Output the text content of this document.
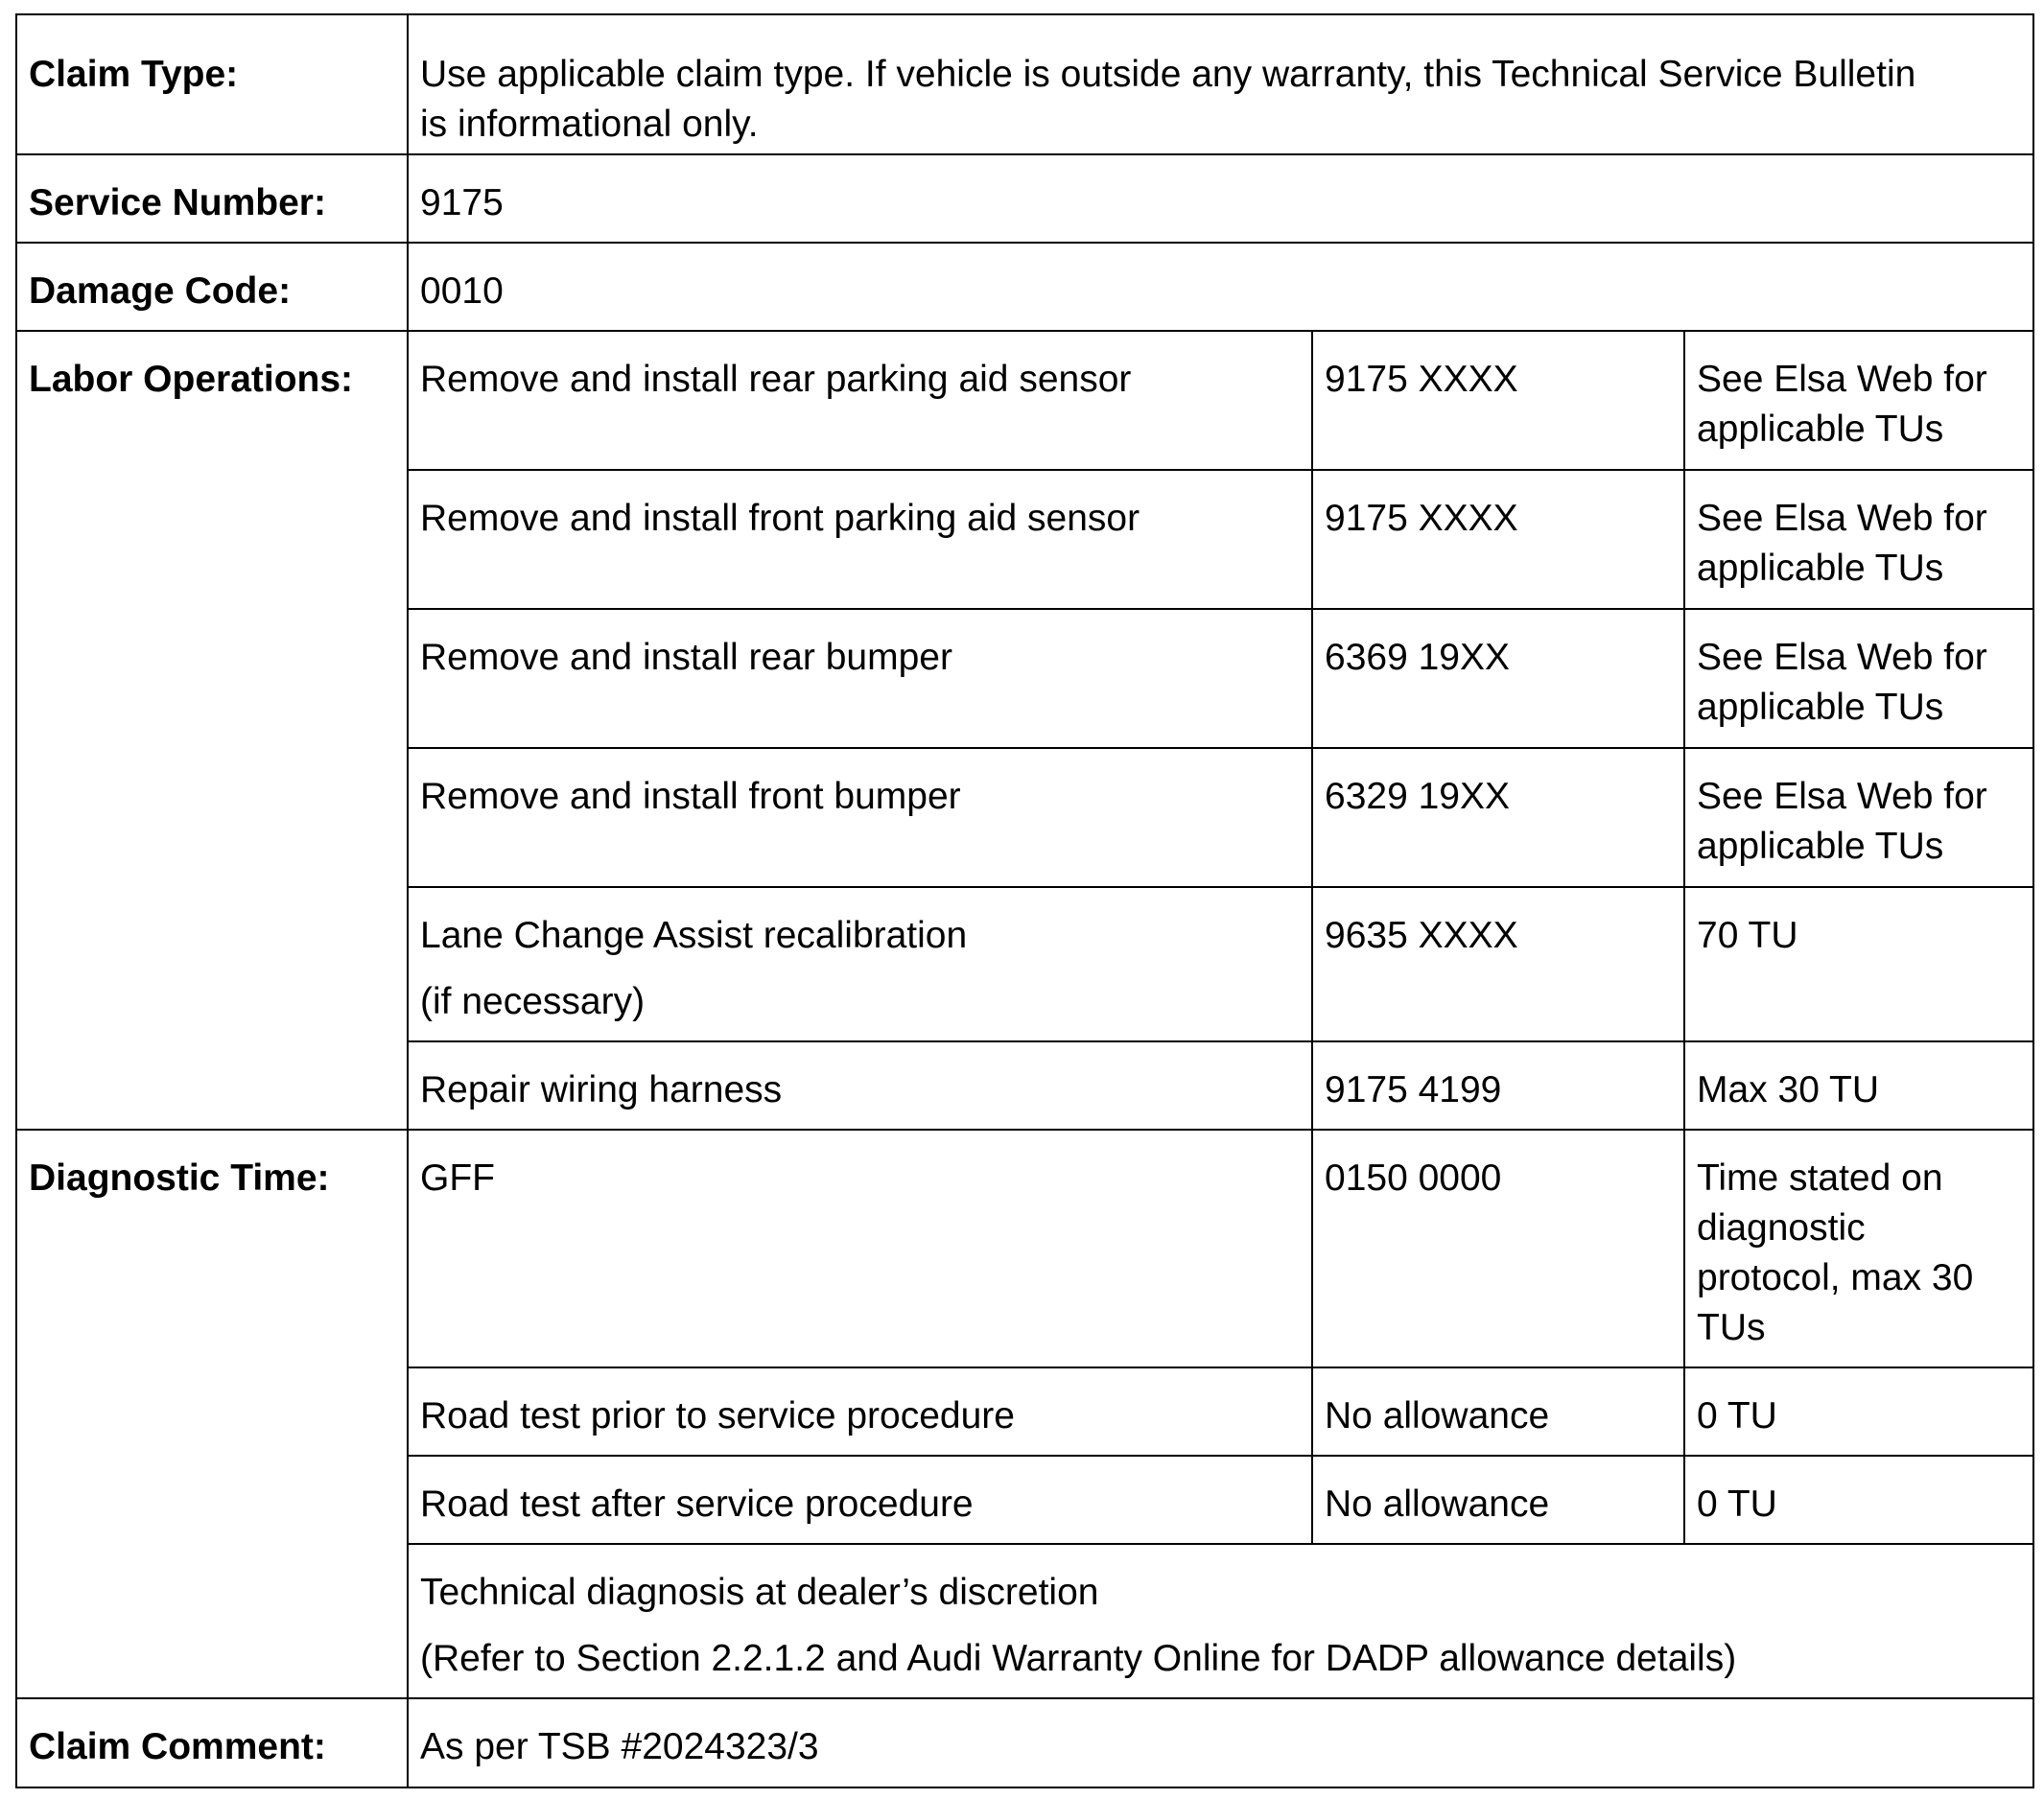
Claim Type:	Use applicable claim type. If vehicle is outside any warranty, this Technical Service Bulletin
is informational only.		

Service Number:	9175		

Damage Code:	0010		

Labor Operations:	Remove and install rear parking aid sensor	9175 XXXX	See Elsa Web for
applicable TUs

	Remove and install front parking aid sensor	9175 XXXX	See Elsa Web for
applicable TUs

	Remove and install rear bumper	6369 19XX	See Elsa Web for
applicable TUs

	Remove and install front bumper	6329 19XX	See Elsa Web for
applicable TUs

	Lane Change Assist recalibration
(if necessary)	9635 XXXX	70 TU

	Repair wiring harness	9175 4199	Max 30 TU

Diagnostic Time:	GFF	0150 0000	Time stated on
diagnostic
protocol, max 30
TUs

	Road test prior to service procedure	No allowance	0 TU

	Road test after service procedure	No allowance	0 TU

	Technical diagnosis at dealer’s discretion
(Refer to Section 2.2.1.2 and Audi Warranty Online for DADP allowance details)		

Claim Comment:	As per TSB #2024323/3		
